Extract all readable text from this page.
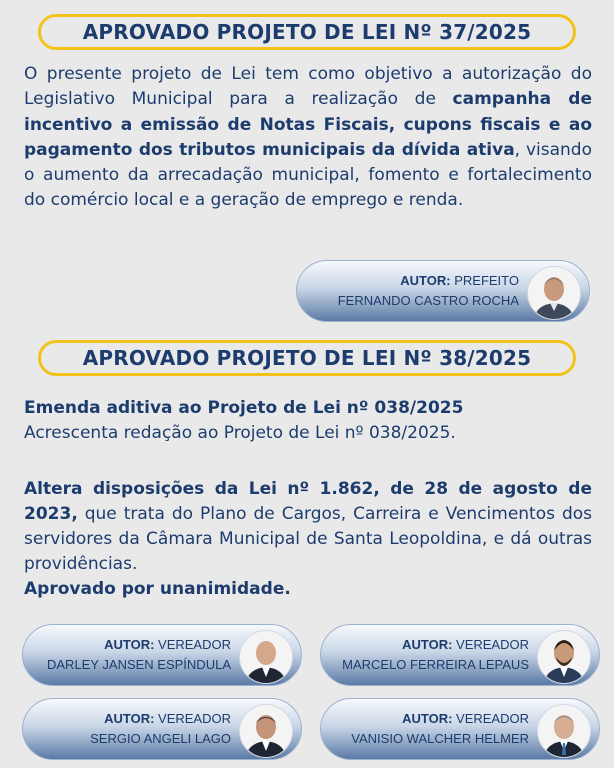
APROVADO PROJETO DE LEI Nº 37/2025
O presente projeto de Lei tem como objetivo a autorização do Legislativo Municipal para a realização de campanha de incentivo a emissão de Notas Fiscais, cupons fiscais e ao pagamento dos tributos municipais da dívida ativa, visando o aumento da arrecadação municipal, fomento e fortalecimento do comércio local e a geração de emprego e renda.
AUTOR: PREFEITO
FERNANDO CASTRO ROCHA
APROVADO PROJETO DE LEI Nº 38/2025
Emenda aditiva ao Projeto de Lei nº 038/2025
Acrescenta redação ao Projeto de Lei nº 038/2025.
Altera disposições da Lei nº 1.862, de 28 de agosto de 2023, que trata do Plano de Cargos, Carreira e Vencimentos dos servidores da Câmara Municipal de Santa Leopoldina, e dá outras providências.
Aprovado por unanimidade.
AUTOR: VEREADOR
DARLEY JANSEN ESPÍNDULA
AUTOR: VEREADOR
MARCELO FERREIRA LEPAUS
AUTOR: VEREADOR
SERGIO ANGELI LAGO
AUTOR: VEREADOR
VANISIO WALCHER HELMER
